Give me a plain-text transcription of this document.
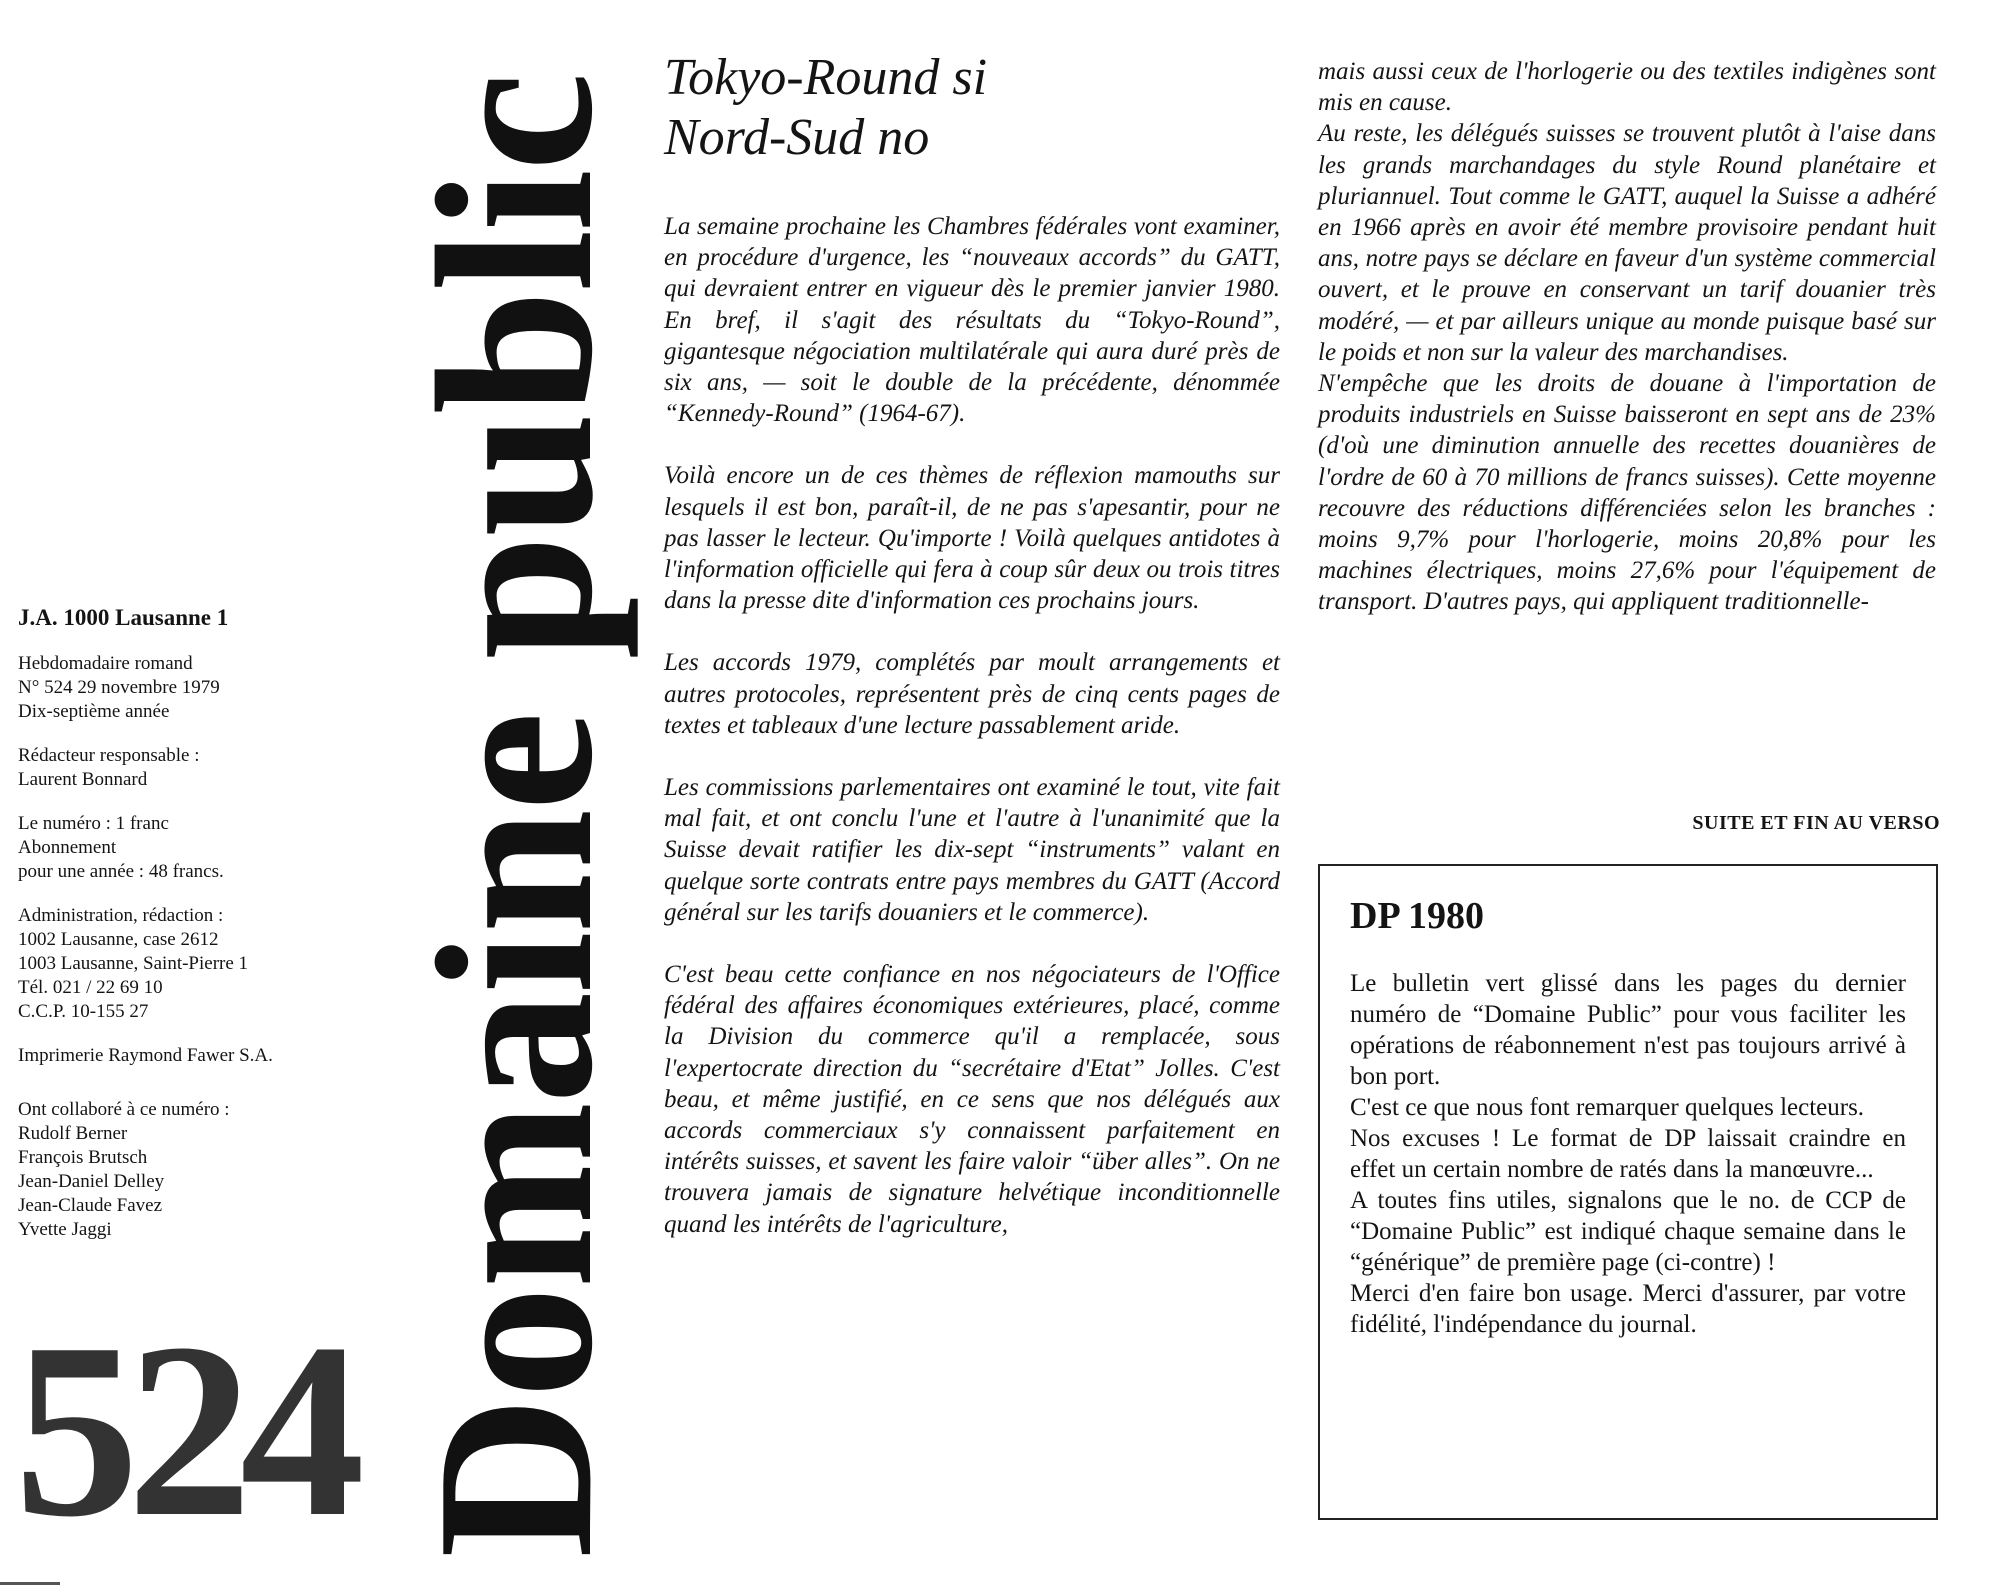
J.A. 1000 Lausanne 1

Hebdomadaire romand

N° 524 29 novembre 1979

Dix-septième année

Rédacteur responsable :

Laurent Bonnard

Le numéro : 1 franc

Abonnement

pour une année : 48 francs.

Administration, rédaction :

1002 Lausanne, case 2612

1003 Lausanne, Saint-Pierre 1

Tél. 021 / 22 69 10

C.C.P. 10-155 27

Imprimerie Raymond Fawer S.A.

Ont collaboré à ce numéro :

Rudolf Berner

François Brutsch

Jean-Daniel Delley

Jean-Claude Favez

Yvette Jaggi

524 Domaine public Tokyo-Round si
Nord-Sud no

La semaine prochaine les Chambres fédérales vont examiner, en procédure d'urgence, les “nouveaux accords” du GATT, qui devraient entrer en vigueur dès le premier janvier 1980. En bref, il s'agit des résultats du “Tokyo-Round”, gigantesque négociation multilatérale qui aura duré près de six ans, — soit le double de la précédente, dénommée “Kennedy-Round” (1964-67).

Voilà encore un de ces thèmes de réflexion mamouths sur lesquels il est bon, paraît-il, de ne pas s'apesantir, pour ne pas lasser le lecteur. Qu'importe ! Voilà quelques antidotes à l'information officielle qui fera à coup sûr deux ou trois titres dans la presse dite d'information ces prochains jours.

Les accords 1979, complétés par moult arrangements et autres protocoles, représentent près de cinq cents pages de textes et tableaux d'une lecture passablement aride.

Les commissions parlementaires ont examiné le tout, vite fait mal fait, et ont conclu l'une et l'autre à l'unanimité que la Suisse devait ratifier les dix-sept “instruments” valant en quelque sorte contrats entre pays membres du GATT (Accord général sur les tarifs douaniers et le commerce).

C'est beau cette confiance en nos négociateurs de l'Office fédéral des affaires économiques extérieures, placé, comme la Division du commerce qu'il a remplacée, sous l'expertocrate direction du “secrétaire d'Etat” Jolles. C'est beau, et même justifié, en ce sens que nos délégués aux accords commerciaux s'y connaissent parfaitement en intérêts suisses, et savent les faire valoir “über alles”. On ne trouvera jamais de signature helvétique inconditionnelle quand les intérêts de l'agriculture,

mais aussi ceux de l'horlogerie ou des textiles indigènes sont mis en cause.

Au reste, les délégués suisses se trouvent plutôt à l'aise dans les grands marchandages du style Round planétaire et pluriannuel. Tout comme le GATT, auquel la Suisse a adhéré en 1966 après en avoir été membre provisoire pendant huit ans, notre pays se déclare en faveur d'un système commercial ouvert, et le prouve en conservant un tarif douanier très modéré, — et par ailleurs unique au monde puisque basé sur le poids et non sur la valeur des marchandises.

N'empêche que les droits de douane à l'importation de produits industriels en Suisse baisseront en sept ans de 23% (d'où une diminution annuelle des recettes douanières de l'ordre de 60 à 70 millions de francs suisses). Cette moyenne recouvre des réductions différenciées selon les branches : moins 9,7% pour l'horlogerie, moins 20,8% pour les machines électriques, moins 27,6% pour l'équipement de transport. D'autres pays, qui appliquent traditionnelle-

SUITE ET FIN AU VERSO
DP 1980

Le bulletin vert glissé dans les pages du dernier numéro de “Domaine Public” pour vous faciliter les opérations de réabonnement n'est pas toujours arrivé à bon port.

C'est ce que nous font remarquer quelques lecteurs.

Nos excuses ! Le format de DP laissait craindre en effet un certain nombre de ratés dans la manœuvre...

A toutes fins utiles, signalons que le no. de CCP de “Domaine Public” est indiqué chaque semaine dans le “générique” de première page (ci-contre) !

Merci d'en faire bon usage. Merci d'assurer, par votre fidélité, l'indépendance du journal.
